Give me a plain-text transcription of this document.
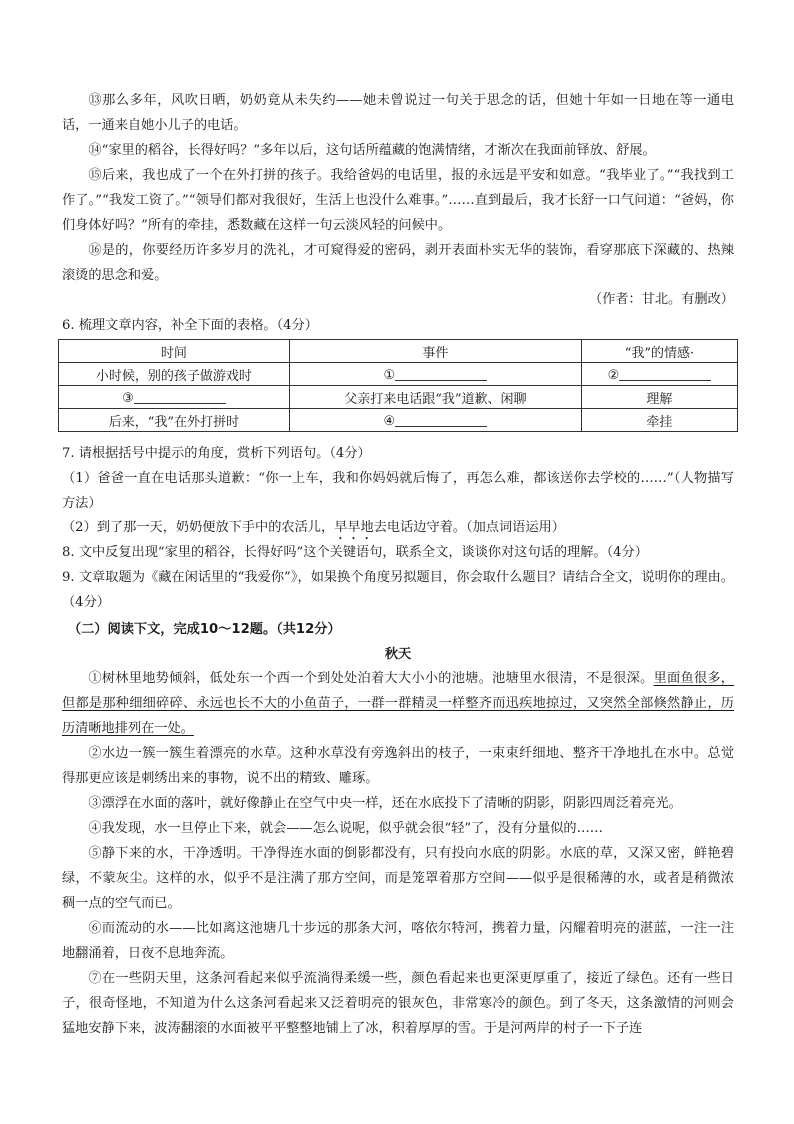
⑬那么多年，风吹日晒，奶奶竟从未失约——她未曾说过一句关于思念的话，但她十年如一日地在等一通电话，一通来自她小儿子的电话。
⑭“家里的稻谷，长得好吗？”多年以后，这句话所蕴藏的饱满情绪，才渐次在我面前铎放、舒展。
⑮后来，我也成了一个在外打拼的孩子。我给爸妈的电话里，报的永远是平安和如意。“我毕业了。”“我找到工作了。”“我发工资了。”“领导们都对我很好，生活上也没什么难事。”……直到最后，我才长舒一口气问道：“爸妈，你们身体好吗？”所有的牵挂，悉数藏在这样一句云淡风轻的问候中。
⑯是的，你要经历许多岁月的洗礼，才可窥得爱的密码，剥开表面朴实无华的装饰，看穿那底下深藏的、热辣滚烫的思念和爱。
（作者：甘北。有删改）
6. 梳理文章内容，补全下面的表格。（4分）
时间	事件	“我”的情感·
小时候，别的孩子做游戏时	①	②
③	父亲打来电话跟“我”道歉、闲聊	理解
后来，“我”在外打拼时	④	牵挂
7. 请根据括号中提示的角度，赏析下列语句。（4分）
（1）爸爸一直在电话那头道歉：“你一上车，我和你妈妈就后悔了，再怎么难，都该送你去学校的……”（人物描写方法）
（2）到了那一天，奶奶便放下手中的农活儿，早早地去电话边守着。（加点词语运用）
8. 文中反复出现“家里的稻谷，长得好吗”这个关键语句，联系全文，谈谈你对这句话的理解。（4分）
9. 文章取题为《藏在闲话里的“我爱你”》，如果换个角度另拟题目，你会取什么题目？请结合全文，说明你的理由。（4分）
（二）阅读下文，完成10～12题。（共12分）
秋天
①树林里地势倾斜，低处东一个西一个到处处泊着大大小小的池塘。池塘里水很清，不是很深。里面鱼很多，但都是那种细细碎碎、永远也长不大的小鱼苗子，一群一群精灵一样整齐而迅疾地掠过，又突然全部倏然静止，历历清晰地排列在一处。
②水边一簇一簇生着漂亮的水草。这种水草没有旁逸斜出的枝子，一束束纤细地、整齐干净地扎在水中。总觉得那更应该是刺绣出来的事物，说不出的精致、雕琢。
③漂浮在水面的落叶，就好像静止在空气中央一样，还在水底投下了清晰的阴影，阴影四周泛着亮光。
④我发现，水一旦停止下来，就会——怎么说呢，似乎就会很“轻”了，没有分量似的……
⑤静下来的水，干净透明。干净得连水面的倒影都没有，只有投向水底的阴影。水底的草，又深又密，鲜艳碧绿，不蒙灰尘。这样的水，似乎不是注满了那方空间，而是笼罩着那方空间——似乎是很稀薄的水，或者是稍微浓稠一点的空气而已。
⑥而流动的水——比如离这池塘几十步远的那条大河，喀依尔特河，携着力量，闪耀着明亮的湛蓝，一注一注地翻涌着，日夜不息地奔流。
⑦在一些阴天里，这条河看起来似乎流淌得柔缓一些，颜色看起来也更深更厚重了，接近了绿色。还有一些日子，很奇怪地，不知道为什么这条河看起来又泛着明亮的银灰色，非常寒冷的颜色。到了冬天，这条激情的河则会猛地安静下来，波涛翻滚的水面被平平整整地铺上了冰，积着厚厚的雪。于是河两岸的村子一下子连
